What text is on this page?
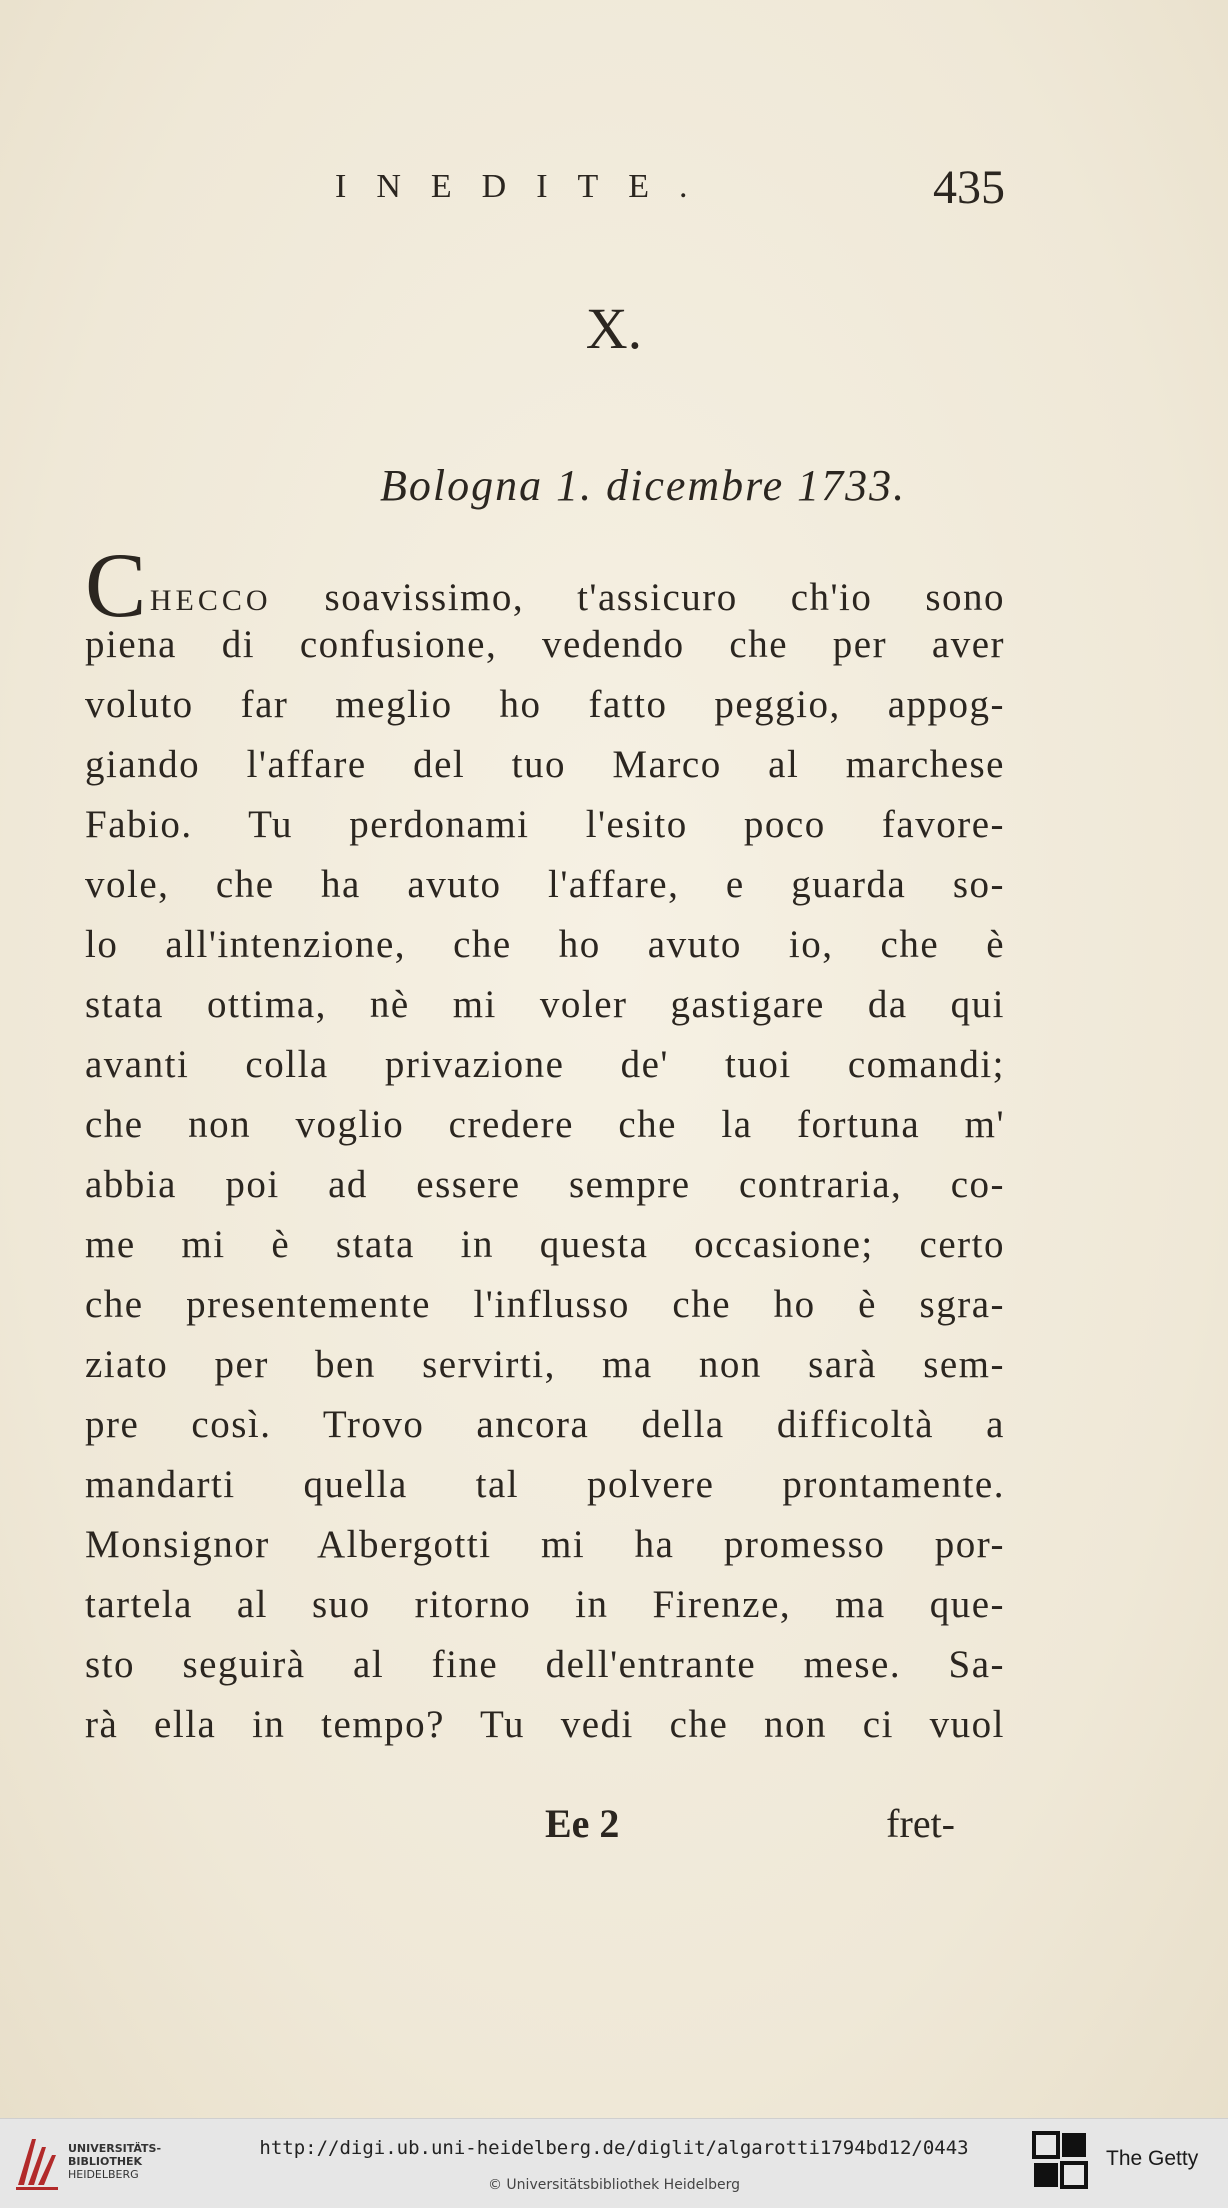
INEDITE.	435
X.
Bologna 1. dicembre 1733.
CHECCO soavissimo, t'assicuro ch'io sono
piena di confusione, vedendo che per aver
voluto far meglio ho fatto peggio, appog-
giando l'affare del tuo Marco al marchese
Fabio. Tu perdonami l'esito poco favore-
vole, che ha avuto l'affare, e guarda so-
lo all'intenzione, che ho avuto io, che è
stata ottima, nè mi voler gastigare da qui
avanti colla privazione de' tuoi comandi;
che non voglio credere che la fortuna m'
abbia poi ad essere sempre contraria, co-
me mi è stata in questa occasione; certo
che presentemente l'influsso che ho è sgra-
ziato per ben servirti, ma non sarà sem-
pre così. Trovo ancora della difficoltà a
mandarti quella tal polvere prontamente.
Monsignor Albergotti mi ha promesso por-
tartela al suo ritorno in Firenze, ma que-
sto seguirà al fine dell'entrante mese. Sa-
rà ella in tempo? Tu vedi che non ci vuol
Ee 2	fret-
UNIVERSITÄTS-
BIBLIOTHEK
HEIDELBERG
http://digi.ub.uni-heidelberg.de/diglit/algarotti1794bd12/0443
© Universitätsbibliothek Heidelberg
The Getty
